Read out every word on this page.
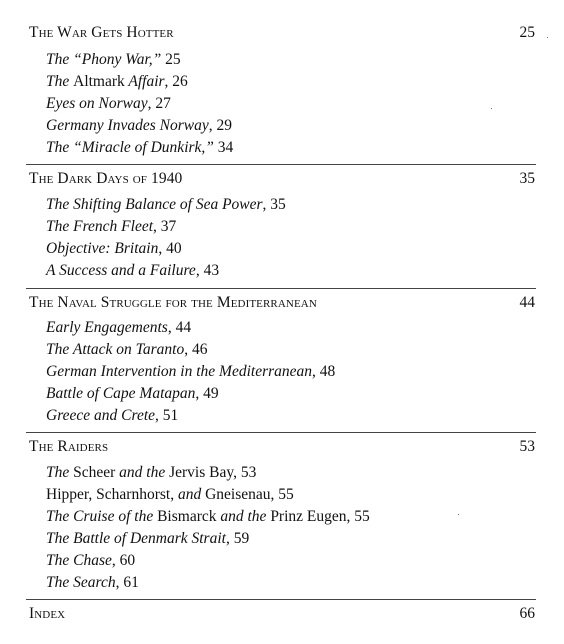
The War Gets Hotter	25
The “Phony War,” 25
The Altmark Affair, 26
Eyes on Norway, 27
Germany Invades Norway, 29
The “Miracle of Dunkirk,” 34
The Dark Days of 1940	35
The Shifting Balance of Sea Power, 35
The French Fleet, 37
Objective: Britain, 40
A Success and a Failure, 43
The Naval Struggle for the Mediterranean	44
Early Engagements, 44
The Attack on Taranto, 46
German Intervention in the Mediterranean, 48
Battle of Cape Matapan, 49
Greece and Crete, 51
The Raiders	53
The Scheer and the Jervis Bay, 53
Hipper, Scharnhorst, and Gneisenau, 55
The Cruise of the Bismarck and the Prinz Eugen, 55
The Battle of Denmark Strait, 59
The Chase, 60
The Search, 61
Index	66
